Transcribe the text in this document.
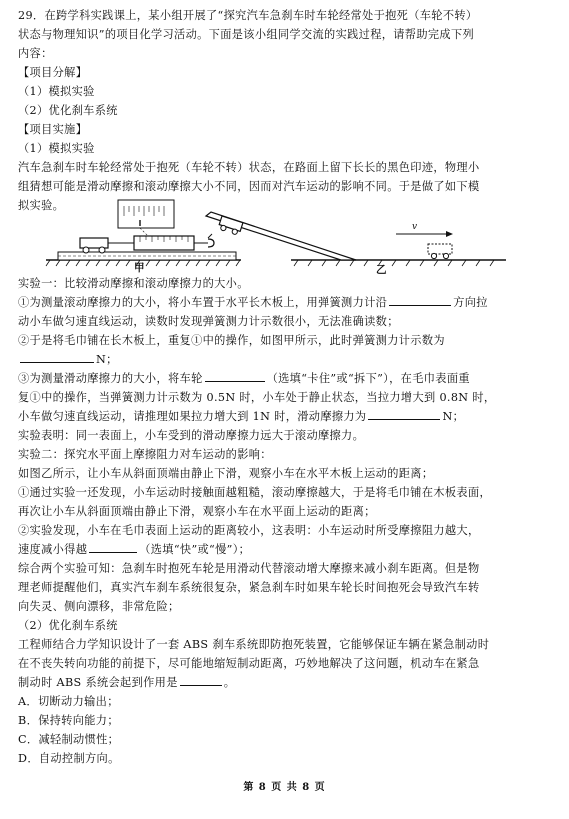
29．在跨学科实践课上，某小组开展了“探究汽车急刹车时车轮经常处于抱死（车轮不转）
状态与物理知识”的项目化学习活动。下面是该小组同学交流的实践过程，请帮助完成下列
内容：
【项目分解】
（1）模拟实验
（2）优化刹车系统
【项目实施】
（1）模拟实验
汽车急刹车时车轮经常处于抱死（车轮不转）状态，在路面上留下长长的黑色印迹，物理小
组猜想可能是滑动摩擦和滚动摩擦大小不同，因而对汽车运动的影响不同。于是做了如下模
拟实验。
v
甲	乙
实验一：比较滑动摩擦和滚动摩擦力的大小。
①为测量滚动摩擦力的大小，将小车置于水平长木板上，用弹簧测力计沿	方向拉
动小车做匀速直线运动，读数时发现弹簧测力计示数很小，无法准确读数；
②于是将毛巾铺在长木板上，重复①中的操作，如图甲所示，此时弹簧测力计示数为
N；
③为测量滑动摩擦力的大小，将车轮	（选填“卡住”或“拆下”），在毛巾表面重
复①中的操作，当弹簧测力计示数为 0.5N 时，小车处于静止状态，当拉力增大到 0.8N 时，
小车做匀速直线运动，请推理如果拉力增大到 1N 时，滑动摩擦力为	N；
实验表明：同一表面上，小车受到的滑动摩擦力远大于滚动摩擦力。
实验二：探究水平面上摩擦阻力对车运动的影响：
如图乙所示，让小车从斜面顶端由静止下滑，观察小车在水平木板上运动的距离；
①通过实验一还发现，小车运动时接触面越粗糙，滚动摩擦越大，于是将毛巾铺在木板表面，
再次让小车从斜面顶端由静止下滑，观察小车在水平面上运动的距离；
②实验发现，小车在毛巾表面上运动的距离较小，这表明：小车运动时所受摩擦阻力越大，
速度减小得越	（选填“快”或“慢”）；
综合两个实验可知：急刹车时抱死车轮是用滑动代替滚动增大摩擦来减小刹车距离。但是物
理老师提醒他们，真实汽车刹车系统很复杂，紧急刹车时如果车轮长时间抱死会导致汽车转
向失灵、侧向漂移，非常危险；
（2）优化刹车系统
工程师结合力学知识设计了一套 ABS 刹车系统即防抱死装置，它能够保证车辆在紧急制动时
在不丧失转向功能的前提下，尽可能地缩短制动距离，巧妙地解决了这问题，机动车在紧急
制动时 ABS 系统会起到作用是	。
A．切断动力输出；
B．保持转向能力；
C．减轻制动惯性；
D．自动控制方向。
第 8 页 共 8 页
